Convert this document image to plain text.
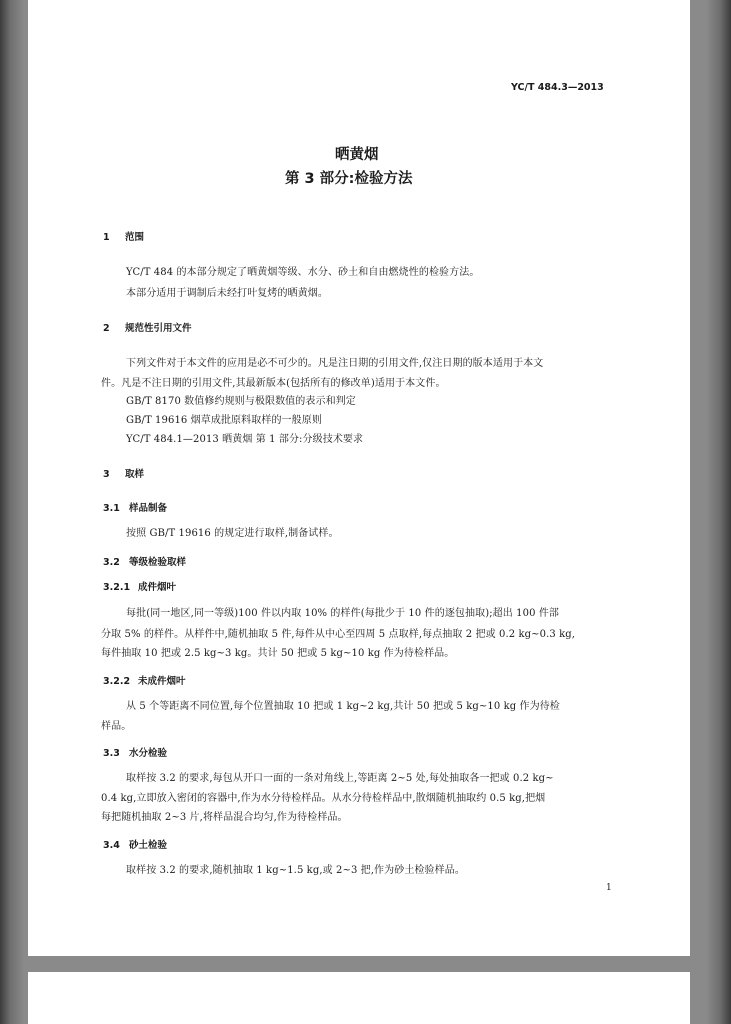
YC/T 484.3—2013
晒黄烟
第 3 部分:检验方法
1 范围
YC/T 484 的本部分规定了晒黄烟等级、水分、砂土和自由燃烧性的检验方法。
本部分适用于调制后未经打叶复烤的晒黄烟。
2 规范性引用文件
下列文件对于本文件的应用是必不可少的。凡是注日期的引用文件,仅注日期的版本适用于本文
件。凡是不注日期的引用文件,其最新版本(包括所有的修改单)适用于本文件。
GB/T 8170 数值修约规则与极限数值的表示和判定
GB/T 19616 烟草成批原料取样的一般原则
YC/T 484.1—2013 晒黄烟 第 1 部分:分级技术要求
3 取样
3.1 样品制备
按照 GB/T 19616 的规定进行取样,制备试样。
3.2 等级检验取样
3.2.1 成件烟叶
每批(同一地区,同一等级)100 件以内取 10% 的样件(每批少于 10 件的逐包抽取);超出 100 件部
分取 5% 的样件。从样件中,随机抽取 5 件,每件从中心至四周 5 点取样,每点抽取 2 把或 0.2 kg~0.3 kg,
每件抽取 10 把或 2.5 kg~3 kg。共计 50 把或 5 kg~10 kg 作为待检样品。
3.2.2 未成件烟叶
从 5 个等距离不同位置,每个位置抽取 10 把或 1 kg~2 kg,共计 50 把或 5 kg~10 kg 作为待检
样品。
3.3 水分检验
取样按 3.2 的要求,每包从开口一面的一条对角线上,等距离 2~5 处,每处抽取各一把或 0.2 kg~
0.4 kg,立即放入密闭的容器中,作为水分待检样品。从水分待检样品中,散烟随机抽取约 0.5 kg,把烟
每把随机抽取 2~3 片,将样品混合均匀,作为待检样品。
3.4 砂土检验
取样按 3.2 的要求,随机抽取 1 kg~1.5 kg,或 2~3 把,作为砂土检验样品。
1
